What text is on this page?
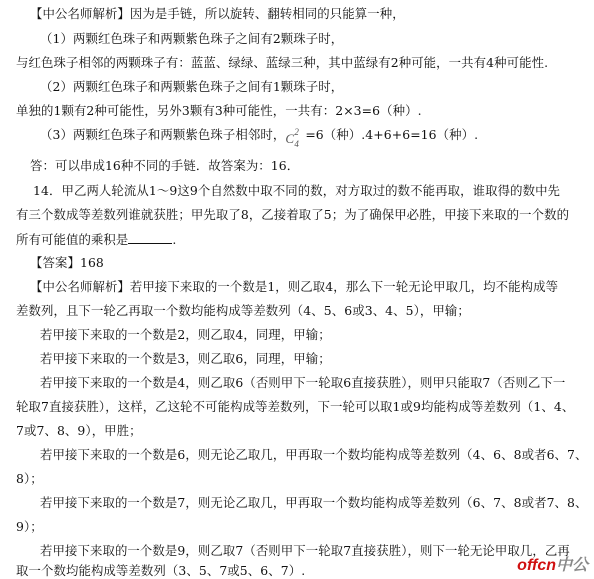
【中公名师解析】因为是手链，所以旋转、翻转相同的只能算一种，
（1）两颗红色珠子和两颗紫色珠子之间有2颗珠子时，
与红色珠子相邻的两颗珠子有：蓝蓝、绿绿、蓝绿三种，其中蓝绿有2种可能，一共有4种可能性.
（2）两颗红色珠子和两颗紫色珠子之间有1颗珠子时，
单独的1颗有2种可能性，另外3颗有3种可能性，一共有：2×3=6（种）.
（3）两颗红色珠子和两颗紫色珠子相邻时， C 2
4
=6（种）.4+6+6=16（种）.
答：可以串成16种不同的手链．故答案为：16．
14．甲乙两人轮流从1～9这9个自然数中取不同的数，对方取过的数不能再取，谁取得的数中先
有三个数成等差数列谁就获胜；甲先取了8，乙接着取了5；为了确保甲必胜，甲接下来取的一个数的
所有可能值的乘积是	.
【答案】168
【中公名师解析】若甲接下来取的一个数是1，则乙取4，那么下一轮无论甲取几，均不能构成等
差数列，且下一轮乙再取一个数均能构成等差数列（4、5、6或3、4、5），甲输；
若甲接下来取的一个数是2，则乙取4，同理，甲输；
若甲接下来取的一个数是3，则乙取6，同理，甲输；
若甲接下来取的一个数是4，则乙取6（否则甲下一轮取6直接获胜），则甲只能取7（否则乙下一
轮取7直接获胜），这样，乙这轮不可能构成等差数列，下一轮可以取1或9均能构成等差数列（1、4、
7或7、8、9），甲胜；
若甲接下来取的一个数是6，则无论乙取几，甲再取一个数均能构成等差数列（4、6、8或者6、7、
8）；
若甲接下来取的一个数是7，则无论乙取几，甲再取一个数均能构成等差数列（6、7、8或者7、8、
9）；
若甲接下来取的一个数是9，则乙取7（否则甲下一轮取7直接获胜），则下一轮无论甲取几，乙再
取一个数均能构成等差数列（3、5、7或5、6、7）.	offcn中公
